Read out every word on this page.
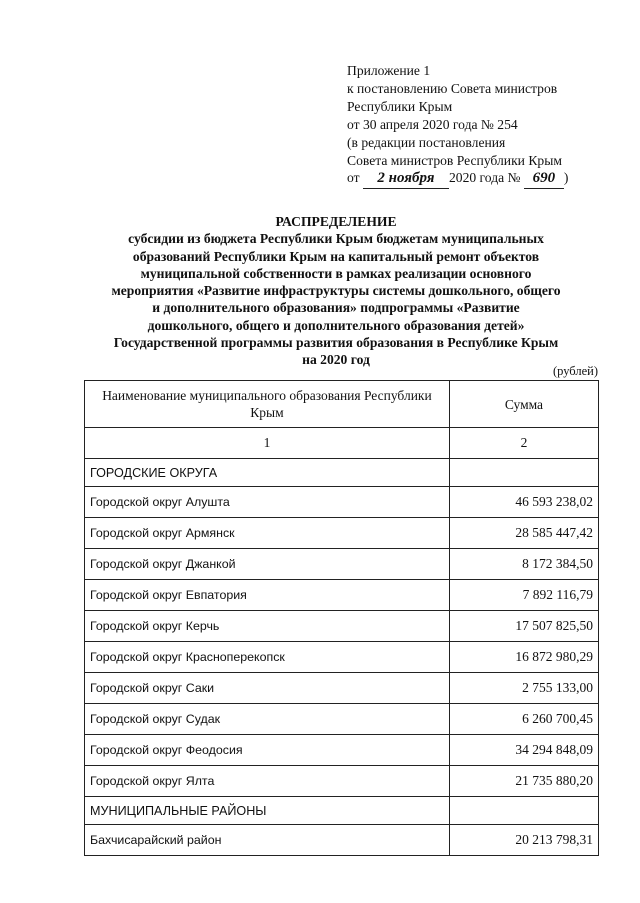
Приложение 1
к постановлению Совета министров
Республики Крым
от 30 апреля 2020 года № 254
(в редакции постановления
Совета министров Республики Крым
от 2 ноября 2020 года № 690 )
РАСПРЕДЕЛЕНИЕ
субсидии из бюджета Республики Крым бюджетам муниципальных
образований Республики Крым на капитальный ремонт объектов
муниципальной собственности в рамках реализации основного
мероприятия «Развитие инфраструктуры системы дошкольного, общего
и дополнительного образования» подпрограммы «Развитие
дошкольного, общего и дополнительного образования детей»
Государственной программы развития образования в Республике Крым
на 2020 год
(рублей)
Наименование муниципального образования Республики Крым	Сумма
1	2
ГОРОДСКИЕ ОКРУГА	
Городской округ Алушта	46 593 238,02
Городской округ Армянск	28 585 447,42
Городской округ Джанкой	8 172 384,50
Городской округ Евпатория	7 892 116,79
Городской округ Керчь	17 507 825,50
Городской округ Красноперекопск	16 872 980,29
Городской округ Саки	2 755 133,00
Городской округ Судак	6 260 700,45
Городской округ Феодосия	34 294 848,09
Городской округ Ялта	21 735 880,20
МУНИЦИПАЛЬНЫЕ РАЙОНЫ	
Бахчисарайский район	20 213 798,31
